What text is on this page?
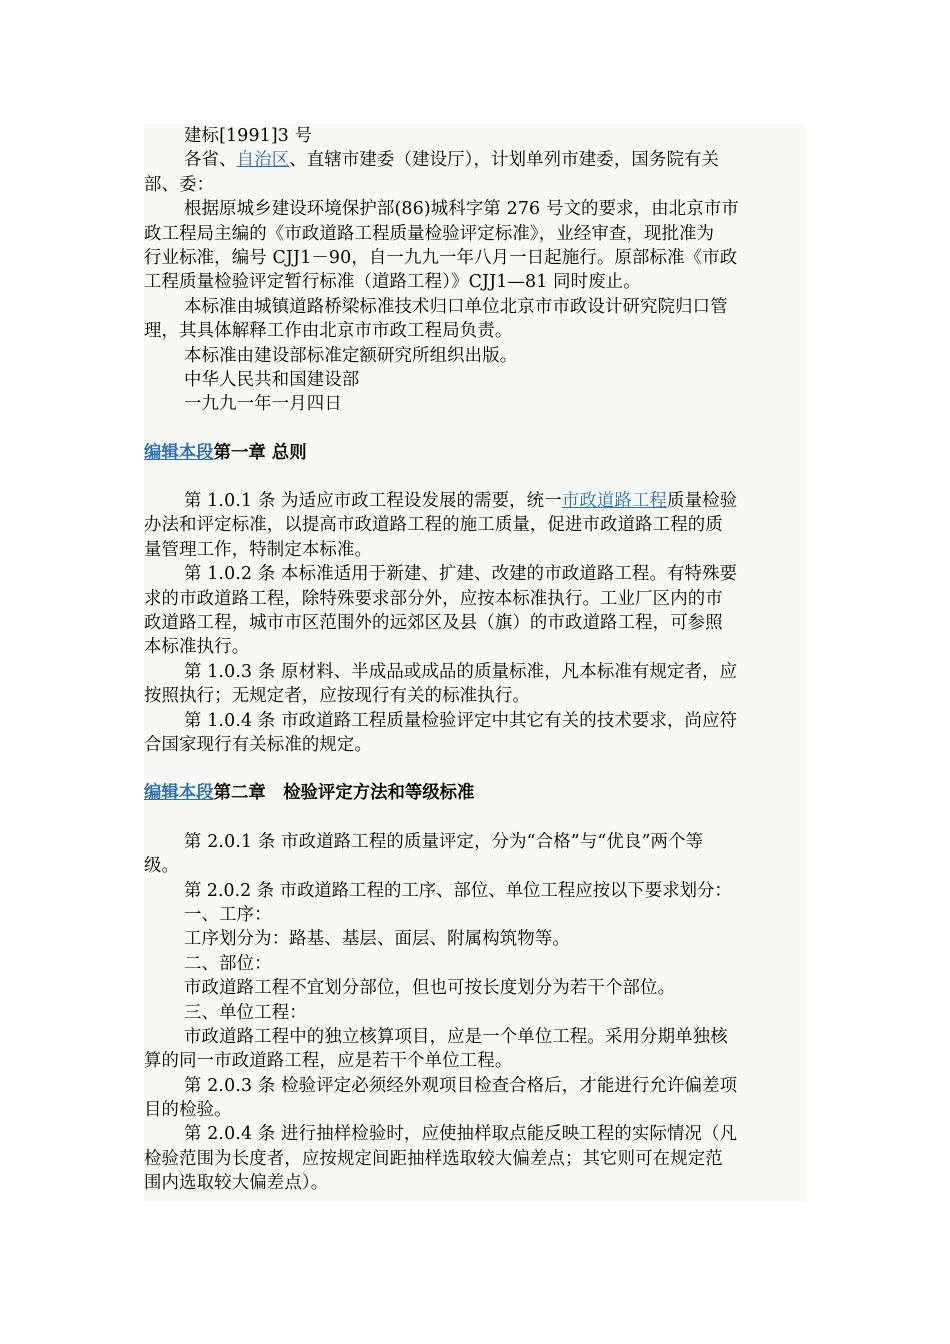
建标[1991]3 号
各省、自治区、直辖市建委（建设厅），计划单列市建委，国务院有关
部、委：
根据原城乡建设环境保护部(86)城科字第 276 号文的要求，由北京市市
政工程局主编的《市政道路工程质量检验评定标准》，业经审查，现批准为
行业标准，编号 CJJ1－90，自一九九一年八月一日起施行。原部标准《市政
工程质量检验评定暂行标准（道路工程）》CJJ1—81 同时废止。
本标准由城镇道路桥梁标准技术归口单位北京市市政设计研究院归口管
理，其具体解释工作由北京市市政工程局负责。
本标准由建设部标准定额研究所组织出版。
中华人民共和国建设部
一九九一年一月四日
编辑本段第一章 总则
第 1.0.1 条 为适应市政工程设发展的需要，统一市政道路工程质量检验
办法和评定标准，以提高市政道路工程的施工质量，促进市政道路工程的质
量管理工作，特制定本标准。
第 1.0.2 条 本标准适用于新建、扩建、改建的市政道路工程。有特殊要
求的市政道路工程，除特殊要求部分外，应按本标准执行。工业厂区内的市
政道路工程，城市市区范围外的远郊区及县（旗）的市政道路工程，可参照
本标准执行。
第 1.0.3 条 原材料、半成品或成品的质量标准，凡本标准有规定者，应
按照执行；无规定者，应按现行有关的标准执行。
第 1.0.4 条 市政道路工程质量检验评定中其它有关的技术要求，尚应符
合国家现行有关标准的规定。
编辑本段第二章　检验评定方法和等级标准
第 2.0.1 条 市政道路工程的质量评定，分为“合格”与“优良”两个等
级。
第 2.0.2 条 市政道路工程的工序、部位、单位工程应按以下要求划分：
一、工序：
工序划分为：路基、基层、面层、附属构筑物等。
二、部位：
市政道路工程不宜划分部位，但也可按长度划分为若干个部位。
三、单位工程：
市政道路工程中的独立核算项目，应是一个单位工程。采用分期单独核
算的同一市政道路工程，应是若干个单位工程。
第 2.0.3 条 检验评定必须经外观项目检查合格后，才能进行允许偏差项
目的检验。
第 2.0.4 条 进行抽样检验时，应使抽样取点能反映工程的实际情况（凡
检验范围为长度者，应按规定间距抽样选取较大偏差点；其它则可在规定范
围内选取较大偏差点）。
